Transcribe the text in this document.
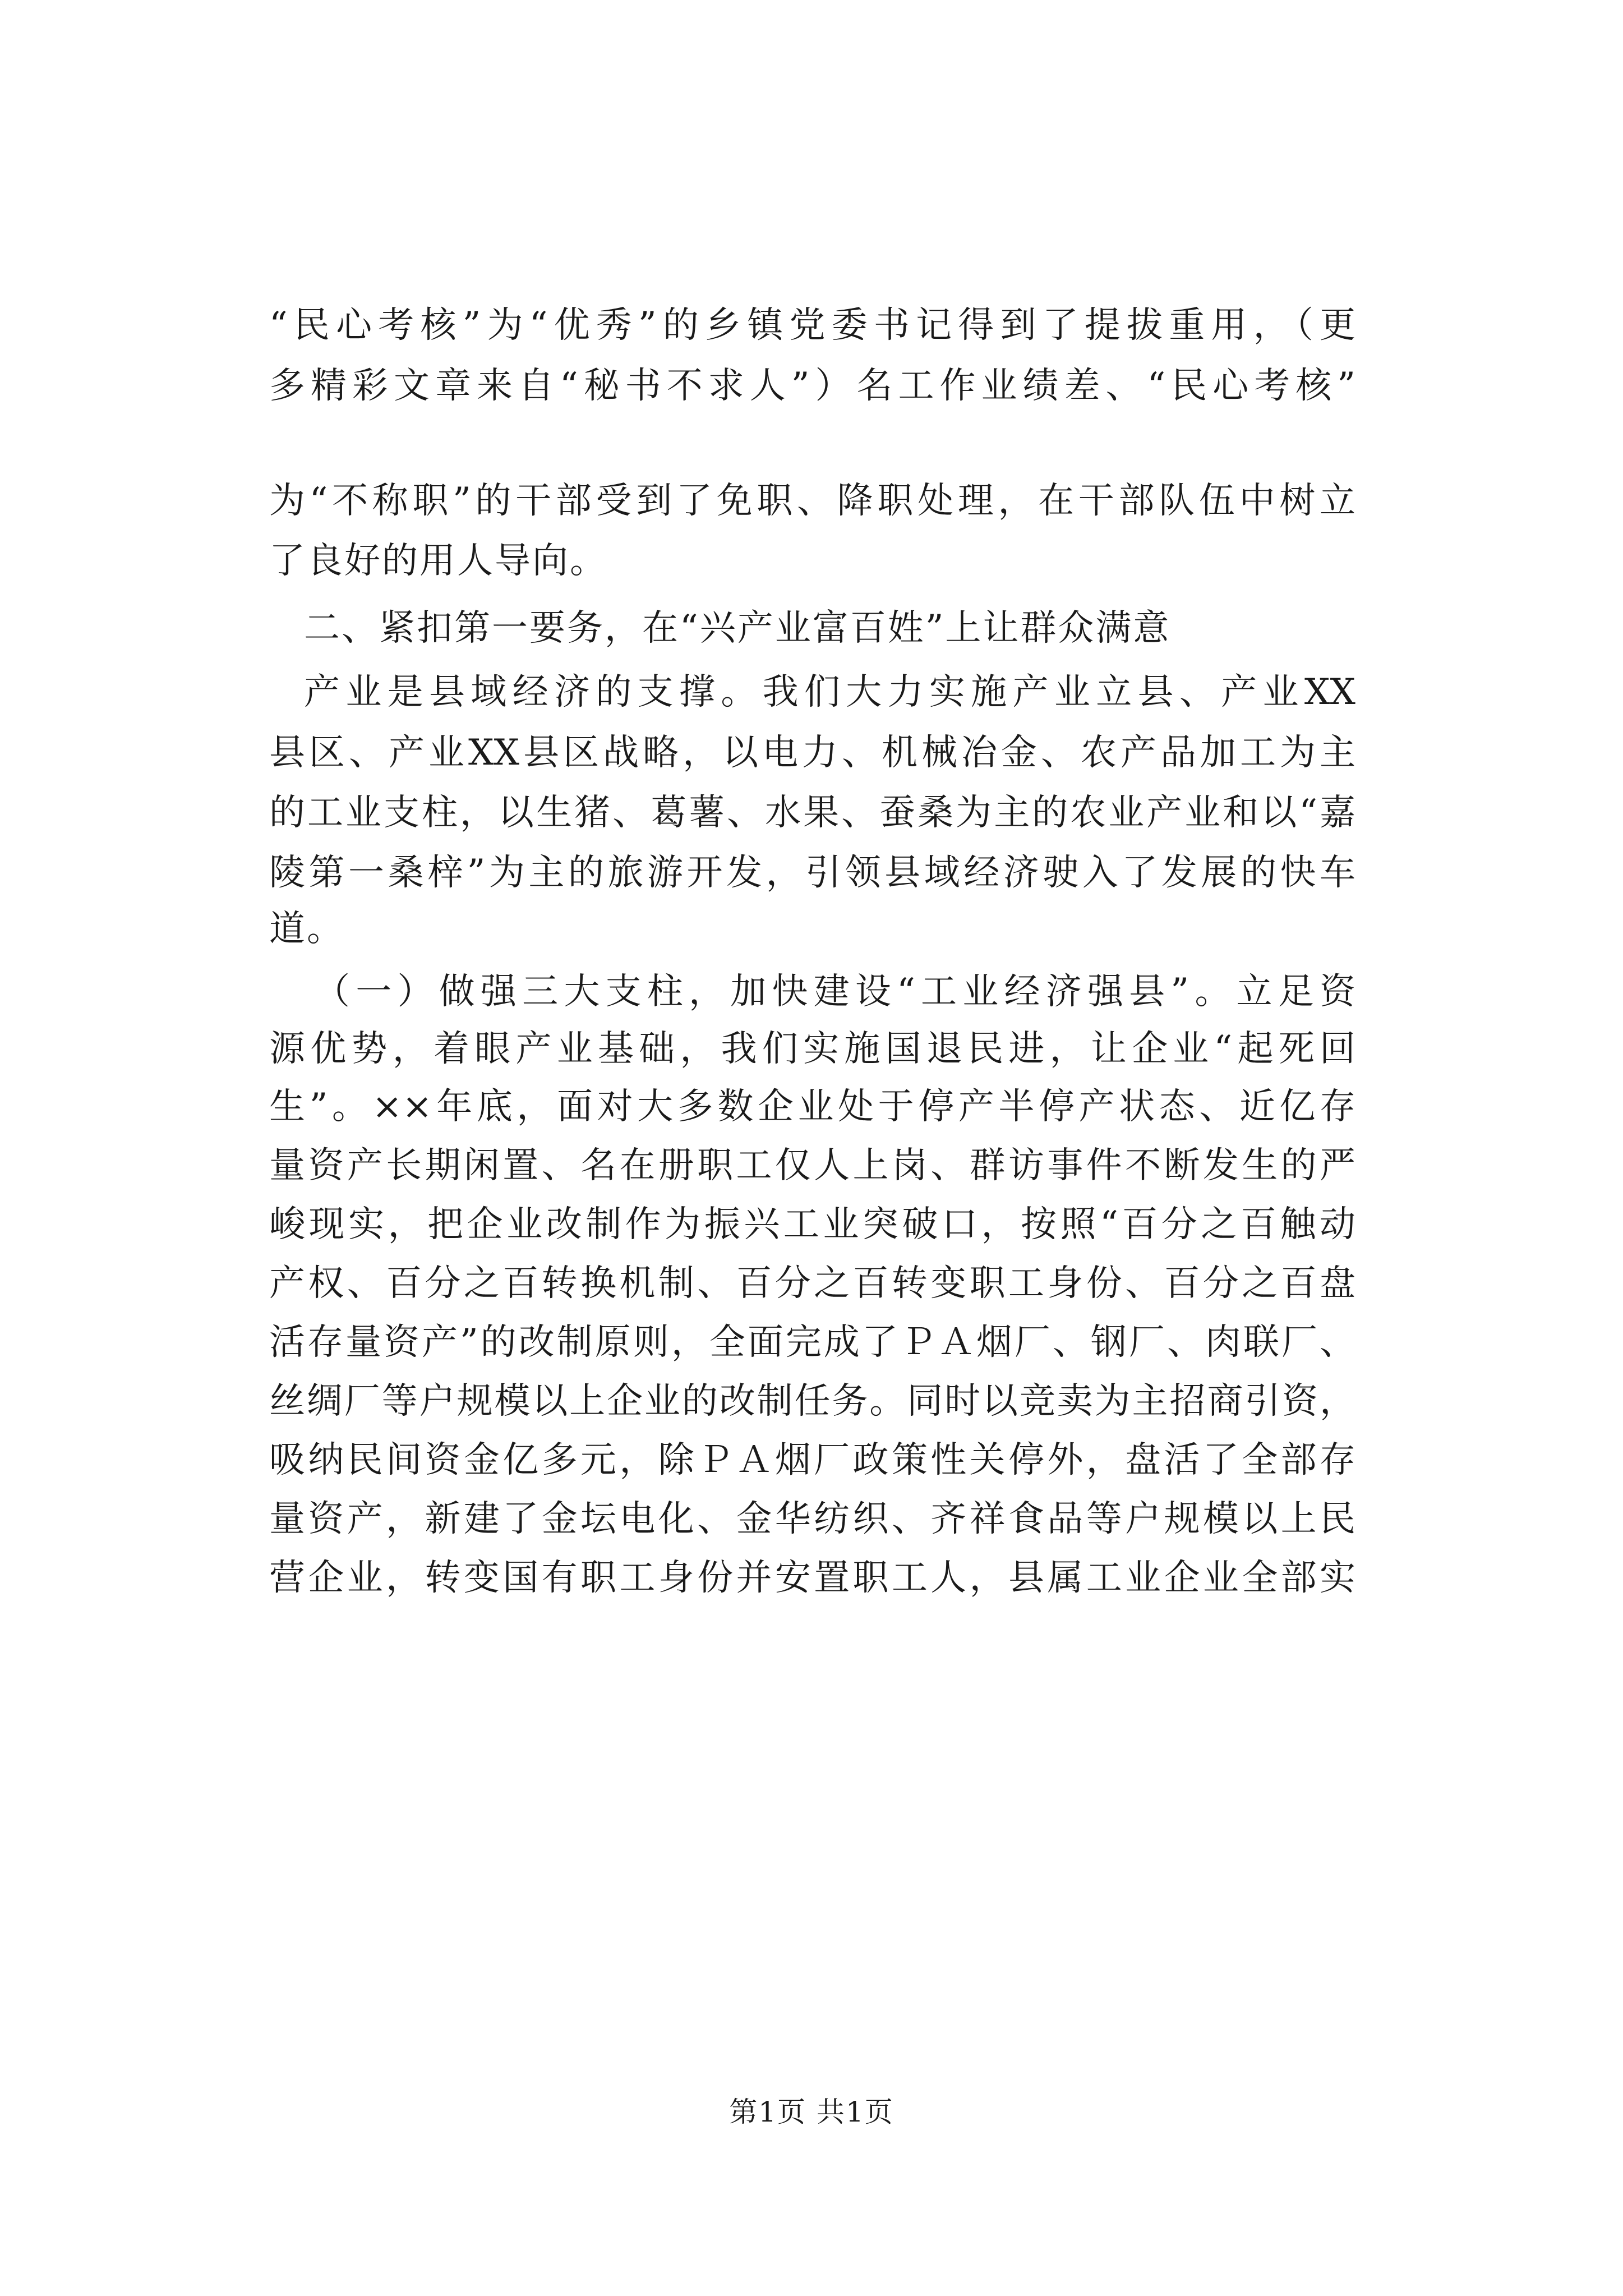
“民心考核”为“优秀”的乡镇党委书记得到了提拔重用，（更
多精彩文章来自“秘书不求人”）名工作业绩差、“民心考核”
为“不称职”的干部受到了免职、降职处理，在干部队伍中树立
了良好的用人导向。
二、紧扣第一要务，在“兴产业富百姓”上让群众满意
产业是县域经济的支撑。我们大力实施产业立县、产业XX
县区、产业XX县区战略，以电力、机械冶金、农产品加工为主
的工业支柱，以生猪、葛薯、水果、蚕桑为主的农业产业和以“嘉
陵第一桑梓”为主的旅游开发，引领县域经济驶入了发展的快车
道。
（一）做强三大支柱，加快建设“工业经济强县”。立足资
源优势，着眼产业基础，我们实施国退民进，让企业“起死回
生”。××年底，面对大多数企业处于停产半停产状态、近亿存
量资产长期闲置、名在册职工仅人上岗、群访事件不断发生的严
峻现实，把企业改制作为振兴工业突破口，按照“百分之百触动
产权、百分之百转换机制、百分之百转变职工身份、百分之百盘
活存量资产”的改制原则，全面完成了ＰＡ烟厂、钢厂、肉联厂、
丝绸厂等户规模以上企业的改制任务。同时以竞卖为主招商引资，
吸纳民间资金亿多元，除ＰＡ烟厂政策性关停外，盘活了全部存
量资产，新建了金坛电化、金华纺织、齐祥食品等户规模以上民
营企业，转变国有职工身份并安置职工人，县属工业企业全部实
第1页 共1页
